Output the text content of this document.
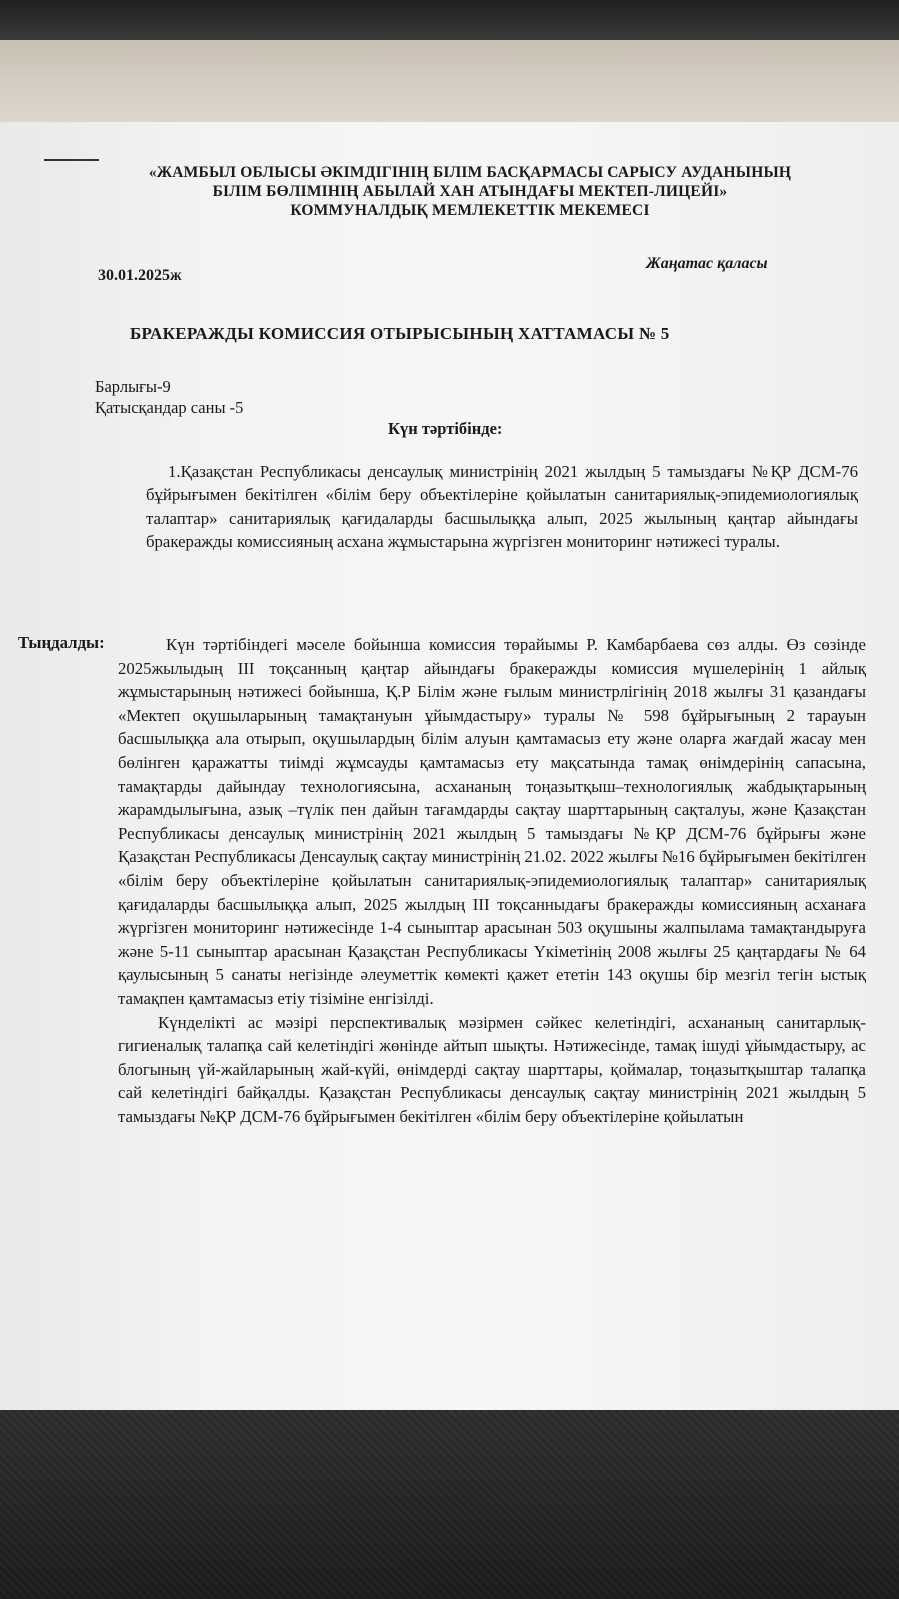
«ЖАМБЫЛ ОБЛЫСЫ ӘКІМДІГІНІҢ БІЛІМ БАСҚАРМАСЫ САРЫСУ АУДАНЫНЫҢ
БІЛІМ БӨЛІМІНІҢ АБЫЛАЙ ХАН АТЫНДАҒЫ МЕКТЕП-ЛИЦЕЙІ»
КОММУНАЛДЫҚ МЕМЛЕКЕТТІК МЕКЕМЕСІ
30.01.2025ж
Жаңатас қаласы
БРАКЕРАЖДЫ КОМИССИЯ ОТЫРЫСЫНЫҢ ХАТТАМАСЫ № 5
Барлығы-9
Қатысқандар саны -5
Күн тәртібінде:
1.Қазақстан Республикасы денсаулық министрінің 2021 жылдың 5 тамыздағы №ҚР ДСМ-76 бұйрығымен бекітілген «білім беру объектілеріне қойылатын санитариялық-эпидемиологиялық талаптар» санитариялық қағидаларды басшылыққа алып, 2025 жылының қаңтар айындағы бракеражды комиссияның асхана жұмыстарына жүргізген мониторинг нәтижесі туралы.
Тыңдалды:	Күн тәртібіндегі мәселе бойынша комиссия төрайымы Р. Камбарбаева сөз алды. Өз сөзінде 2025жылыдың ІІІ тоқсанның қаңтар айындағы бракеражды комиссия мүшелерінің 1 айлық жұмыстарының нәтижесі бойынша, Қ.Р Білім және ғылым министрлігінің 2018 жылғы 31 қазандағы «Мектеп оқушыларының тамақтануын ұйымдастыру» туралы № 598 бұйрығының 2 тарауын басшылыққа ала отырып, оқушылардың білім алуын қамтамасыз ету және оларға жағдай жасау мен бөлінген қаражатты тиімді жұмсауды қамтамасыз ету мақсатында тамақ өнімдерінің сапасына, тамақтарды дайындау технологиясына, асхананың тоңазытқыш–технологиялық жабдықтарының жарамдылығына, азық –түлік пен дайын тағамдарды сақтау шарттарының сақталуы, және Қазақстан Республикасы денсаулық министрінің 2021 жылдың 5 тамыздағы №ҚР ДСМ-76 бұйрығы және Қазақстан Республикасы Денсаулық сақтау министрінің 21.02. 2022 жылғы №16 бұйрығымен бекітілген «білім беру объектілеріне қойылатын санитариялық-эпидемиологиялық талаптар» санитариялық қағидаларды басшылыққа алып, 2025 жылдың ІІІ тоқсанныдағы бракеражды комиссияның асханаға жүргізген мониторинг нәтижесінде 1-4 сыныптар арасынан 503 оқушыны жалпылама тамақтандыруға және 5-11 сыныптар арасынан Қазақстан Республикасы Үкіметінің 2008 жылғы 25 қаңтардағы № 64 қаулысының 5 санаты негізінде әлеуметтік көмекті қажет ететін 143 оқушы бір мезгіл тегін ыстық тамақпен қамтамасыз етіу тізіміне енгізілді.

Күнделікті ас мәзірі перспективалық мәзірмен сәйкес келетіндігі, асхананың санитарлық-гигиеналық талапқа сай келетіндігі жөнінде айтып шықты. Нәтижесінде, тамақ ішуді ұйымдастыру, ас блогының үй-жайларының жай-күйі, өнімдерді сақтау шарттары, қоймалар, тоңазытқыштар талапқа сай келетіндігі байқалды. Қазақстан Республикасы денсаулық сақтау министрінің 2021 жылдың 5 тамыздағы №ҚР ДСМ-76 бұйрығымен бекітілген «білім беру объектілеріне қойылатын
